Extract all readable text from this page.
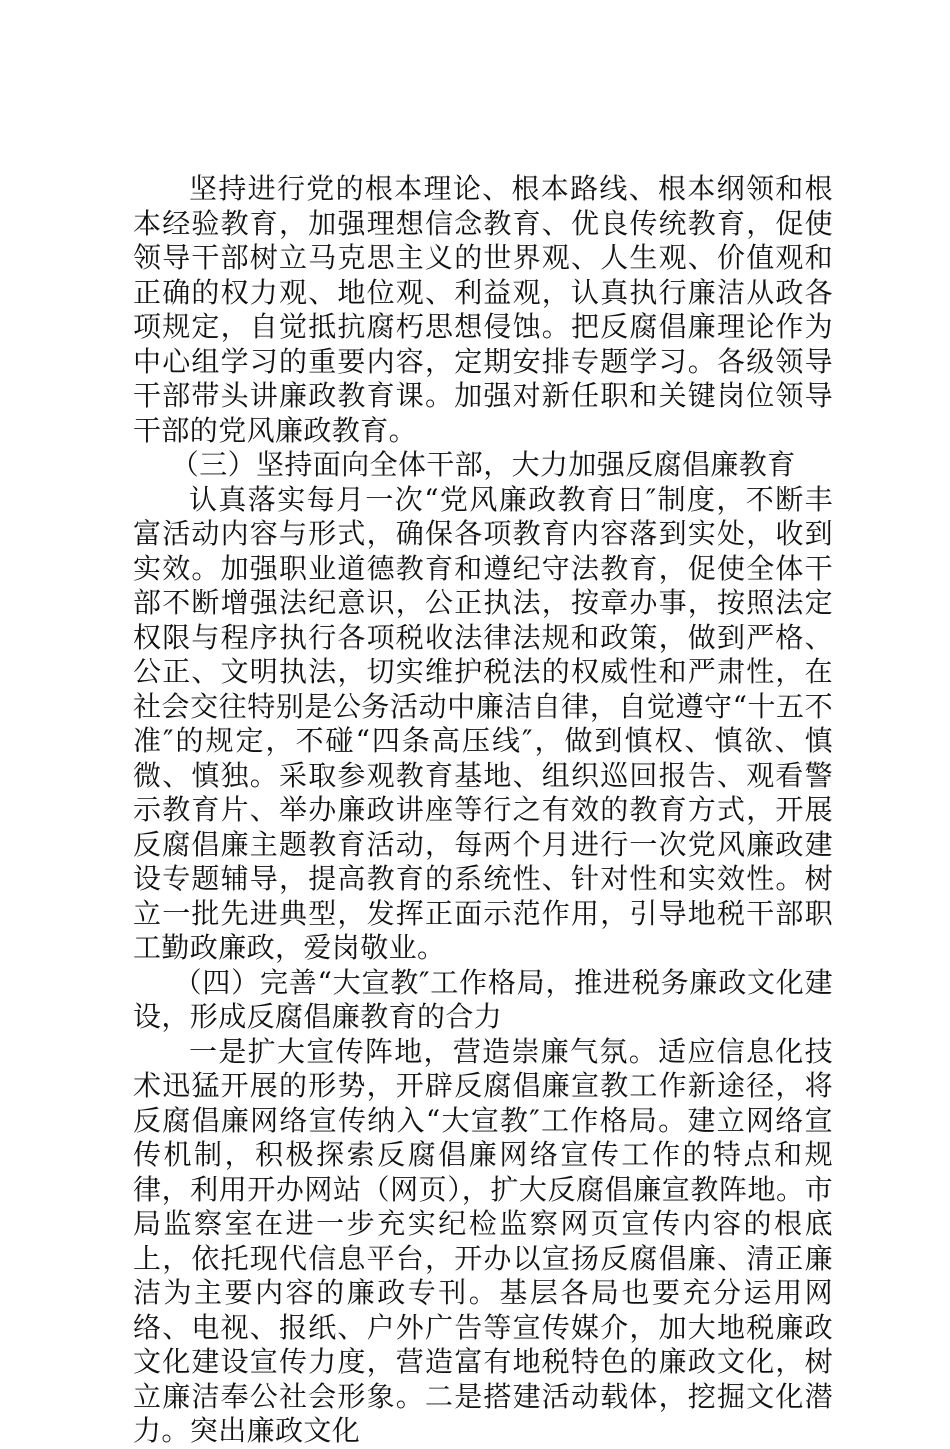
坚持进行党的根本理论、根本路线、根本纲领和根本经验教育，加强理想信念教育、优良传统教育，促使领导干部树立马克思主义的世界观、人生观、价值观和正确的权力观、地位观、利益观，认真执行廉洁从政各项规定，自觉抵抗腐朽思想侵蚀。把反腐倡廉理论作为中心组学习的重要内容，定期安排专题学习。各级领导干部带头讲廉政教育课。加强对新任职和关键岗位领导干部的党风廉政教育。

（三）坚持面向全体干部，大力加强反腐倡廉教育

认真落实每月一次“党风廉政教育日″制度，不断丰富活动内容与形式，确保各项教育内容落到实处，收到实效。加强职业道德教育和遵纪守法教育，促使全体干部不断增强法纪意识，公正执法，按章办事，按照法定权限与程序执行各项税收法律法规和政策，做到严格、公正、文明执法，切实维护税法的权威性和严肃性，在社会交往特别是公务活动中廉洁自律，自觉遵守“十五不准″的规定，不碰“四条高压线″，做到慎权、慎欲、慎微、慎独。采取参观教育基地、组织巡回报告、观看警示教育片、举办廉政讲座等行之有效的教育方式，开展反腐倡廉主题教育活动，每两个月进行一次党风廉政建设专题辅导，提高教育的系统性、针对性和实效性。树立一批先进典型，发挥正面示范作用，引导地税干部职工勤政廉政，爱岗敬业。

（四）完善“大宣教″工作格局，推进税务廉政文化建设，形成反腐倡廉教育的合力

一是扩大宣传阵地，营造崇廉气氛。适应信息化技术迅猛开展的形势，开辟反腐倡廉宣教工作新途径，将反腐倡廉网络宣传纳入“大宣教″工作格局。建立网络宣传机制，积极探索反腐倡廉网络宣传工作的特点和规律，利用开办网站（网页），扩大反腐倡廉宣教阵地。市局监察室在进一步充实纪检监察网页宣传内容的根底上，依托现代信息平台，开办以宣扬反腐倡廉、清正廉洁为主要内容的廉政专刊。基层各局也要充分运用网络、电视、报纸、户外广告等宣传媒介，加大地税廉政文化建设宣传力度，营造富有地税特色的廉政文化，树立廉洁奉公社会形象。二是搭建活动载体，挖掘文化潜力。突出廉政文化
